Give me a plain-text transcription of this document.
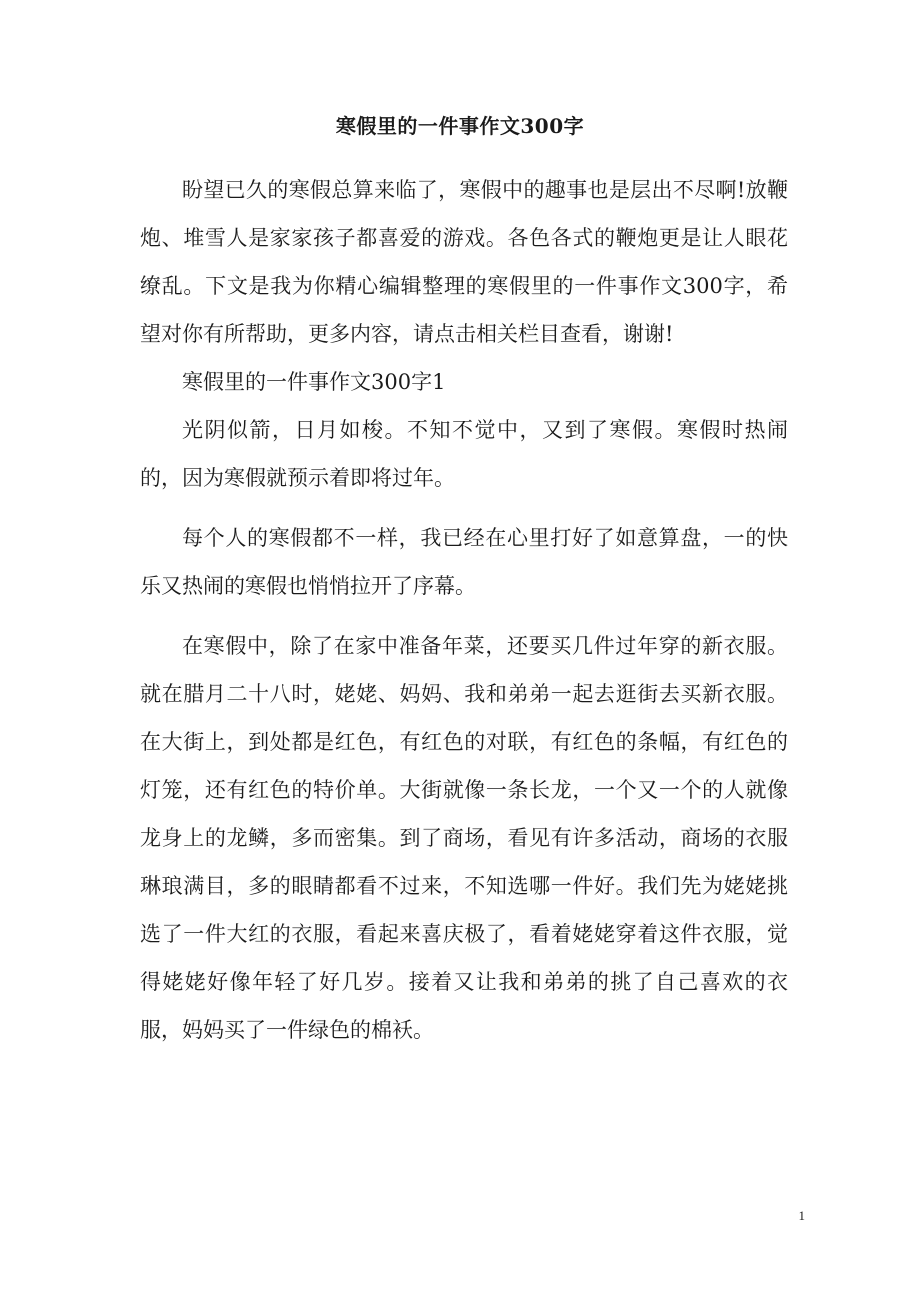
寒假里的一件事作文300字

盼望已久的寒假总算来临了，寒假中的趣事也是层出不尽啊!放鞭炮、堆雪人是家家孩子都喜爱的游戏。各色各式的鞭炮更是让人眼花缭乱。下文是我为你精心编辑整理的寒假里的一件事作文300字，希望对你有所帮助，更多内容，请点击相关栏目查看，谢谢!

寒假里的一件事作文300字1

光阴似箭，日月如梭。不知不觉中，又到了寒假。寒假时热闹的，因为寒假就预示着即将过年。

每个人的寒假都不一样，我已经在心里打好了如意算盘，一的快乐又热闹的寒假也悄悄拉开了序幕。

在寒假中，除了在家中准备年菜，还要买几件过年穿的新衣服。就在腊月二十八时，姥姥、妈妈、我和弟弟一起去逛街去买新衣服。在大街上，到处都是红色，有红色的对联，有红色的条幅，有红色的灯笼，还有红色的特价单。大街就像一条长龙，一个又一个的人就像龙身上的龙鳞，多而密集。到了商场，看见有许多活动，商场的衣服琳琅满目，多的眼睛都看不过来，不知选哪一件好。我们先为姥姥挑选了一件大红的衣服，看起来喜庆极了，看着姥姥穿着这件衣服，觉得姥姥好像年轻了好几岁。接着又让我和弟弟的挑了自己喜欢的衣服，妈妈买了一件绿色的棉袄。

1
